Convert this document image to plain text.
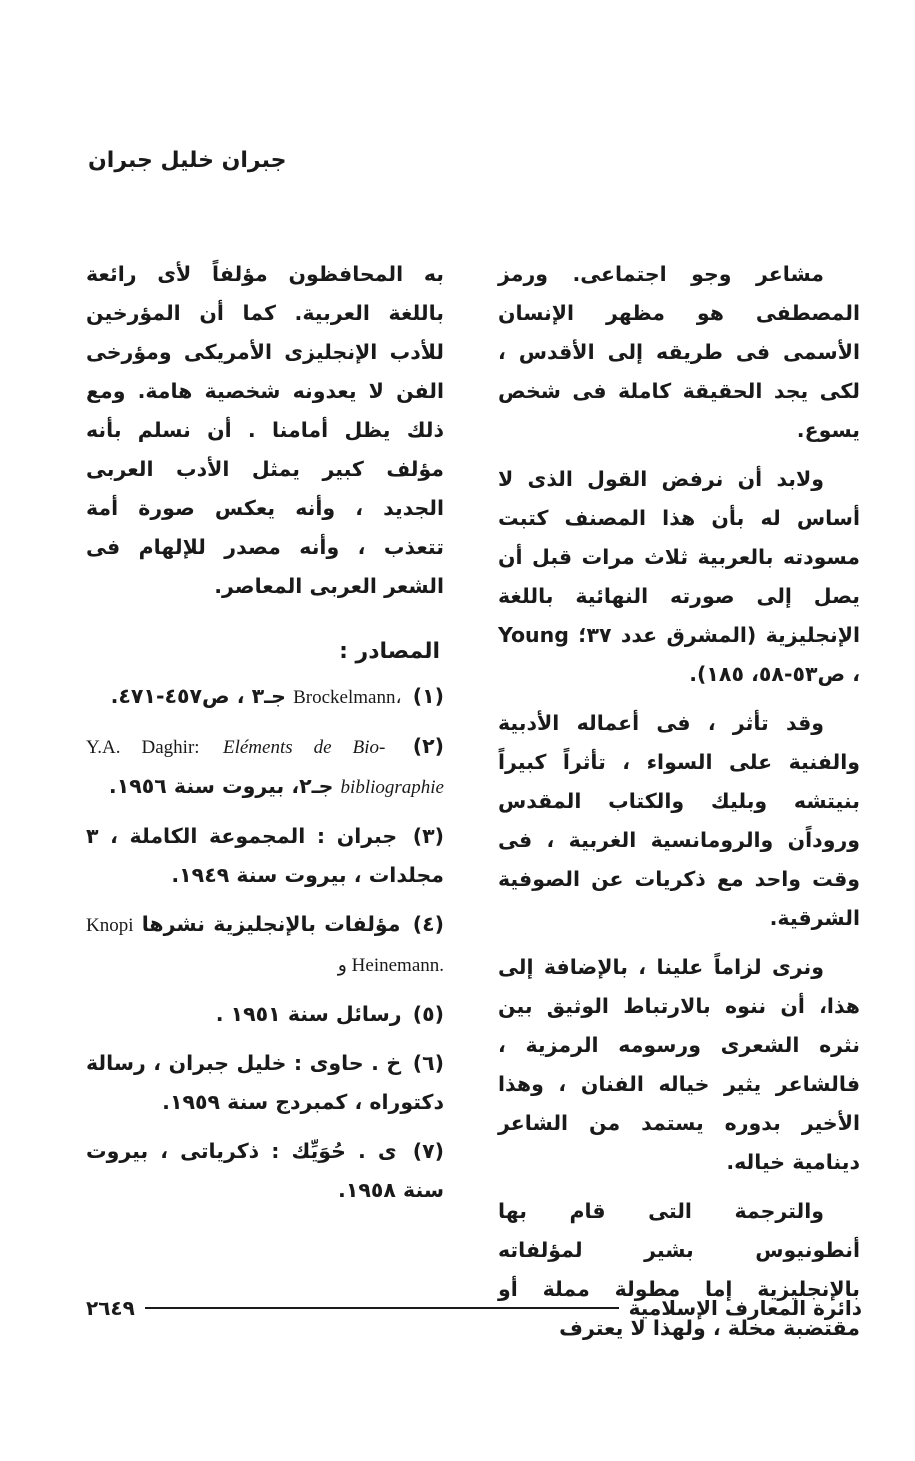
جبران خليل جبران

مشاعر وجو اجتماعى. ورمز المصطفى هو مظهر الإنسان الأسمى فى طريقه إلى الأقدس ، لكى يجد الحقيقة كاملة فى شخص يسوع.

ولابد أن نرفض القول الذى لا أساس له بأن هذا المصنف كتبت مسودته بالعربية ثلاث مرات قبل أن يصل إلى صورته النهائية باللغة الإنجليزية (المشرق عدد ٣٧؛ Young ، ص٥٣-٥٨، ١٨٥).

وقد تأثر ، فى أعماله الأدبية والفنية على السواء ، تأثراً كبيراً بنيتشه وبليك والكتاب المقدس وروداًن والرومانسية الغربية ، فى وقت واحد مع ذكريات عن الصوفية الشرقية.

ونرى لزاماً علينا ، بالإضافة إلى هذا، أن ننوه بالارتباط الوثيق بين نثره الشعرى ورسومه الرمزية ، فالشاعر يثير خياله الفنان ، وهذا الأخير بدوره يستمد من الشاعر دينامية خياله.

والترجمة التى قام بها أنطونيوس بشير لمؤلفاته بالإنجليزية إما مطولة مملة أو مقتضبة مخلة ، ولهذا لا يعترف

به المحافظون مؤلفاً لأى رائعة باللغة العربية. كما أن المؤرخين للأدب الإنجليزى الأمريكى ومؤرخى الفن لا يعدونه شخصية هامة. ومع ذلك يظل أمامنا . أن نسلم بأنه مؤلف كبير يمثل الأدب العربى الجديد ، وأنه يعكس صورة أمة تتعذب ، وأنه مصدر للإلهام فى الشعر العربى المعاصر.

المصادر :
(١) Brockelmann، جـ٣ ، ص٤٥٧-٤٧١.
(٢) Y.A. Daghir: Eléments de Bio-bibliographie جـ٢، بيروت سنة ١٩٥٦.
(٣) جبران : المجموعة الكاملة ، ٣ مجلدات ، بيروت سنة ١٩٤٩.
(٤) مؤلفات بالإنجليزية نشرها Knopi و Heinemann.
(٥) رسائل سنة ١٩٥١ .
(٦) خ . حاوى : خليل جبران ، رسالة دكتوراه ، كمبردج سنة ١٩٥٩.
(٧) ى . حُوَيِّك : ذكرياتى ، بيروت سنة ١٩٥٨.
دائرة المعارف الإسلامية
٢٦٤٩
